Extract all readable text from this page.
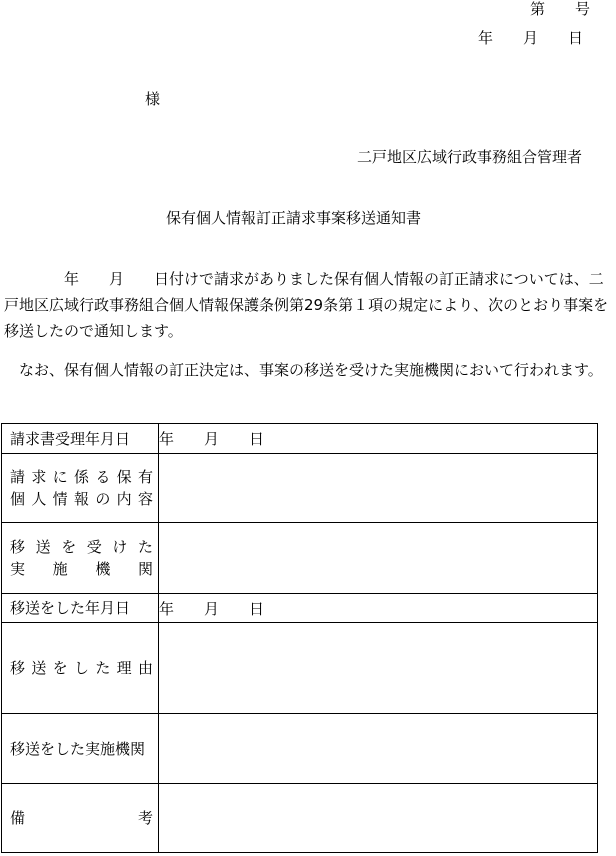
第　　号
年　　月　　日
様
二戸地区広域行政事務組合管理者
保有個人情報訂正請求事案移送通知書
　　　　年　　月　　日付けで請求がありました保有個人情報の訂正請求については、二戸地区広域行政事務組合個人情報保護条例第29条第１項の規定により、次のとおり事案を移送したので通知します。
　なお、保有個人情報の訂正決定は、事案の移送を受けた実施機関において行われます。
請求書受理年月日	年　　月　　日

請求に係る保有
個人情報の内容	

移送を受けた
実施機関	

移送をした年月日	年　　月　　日

移送をした理由	

移送をした実施機関	

備考	
